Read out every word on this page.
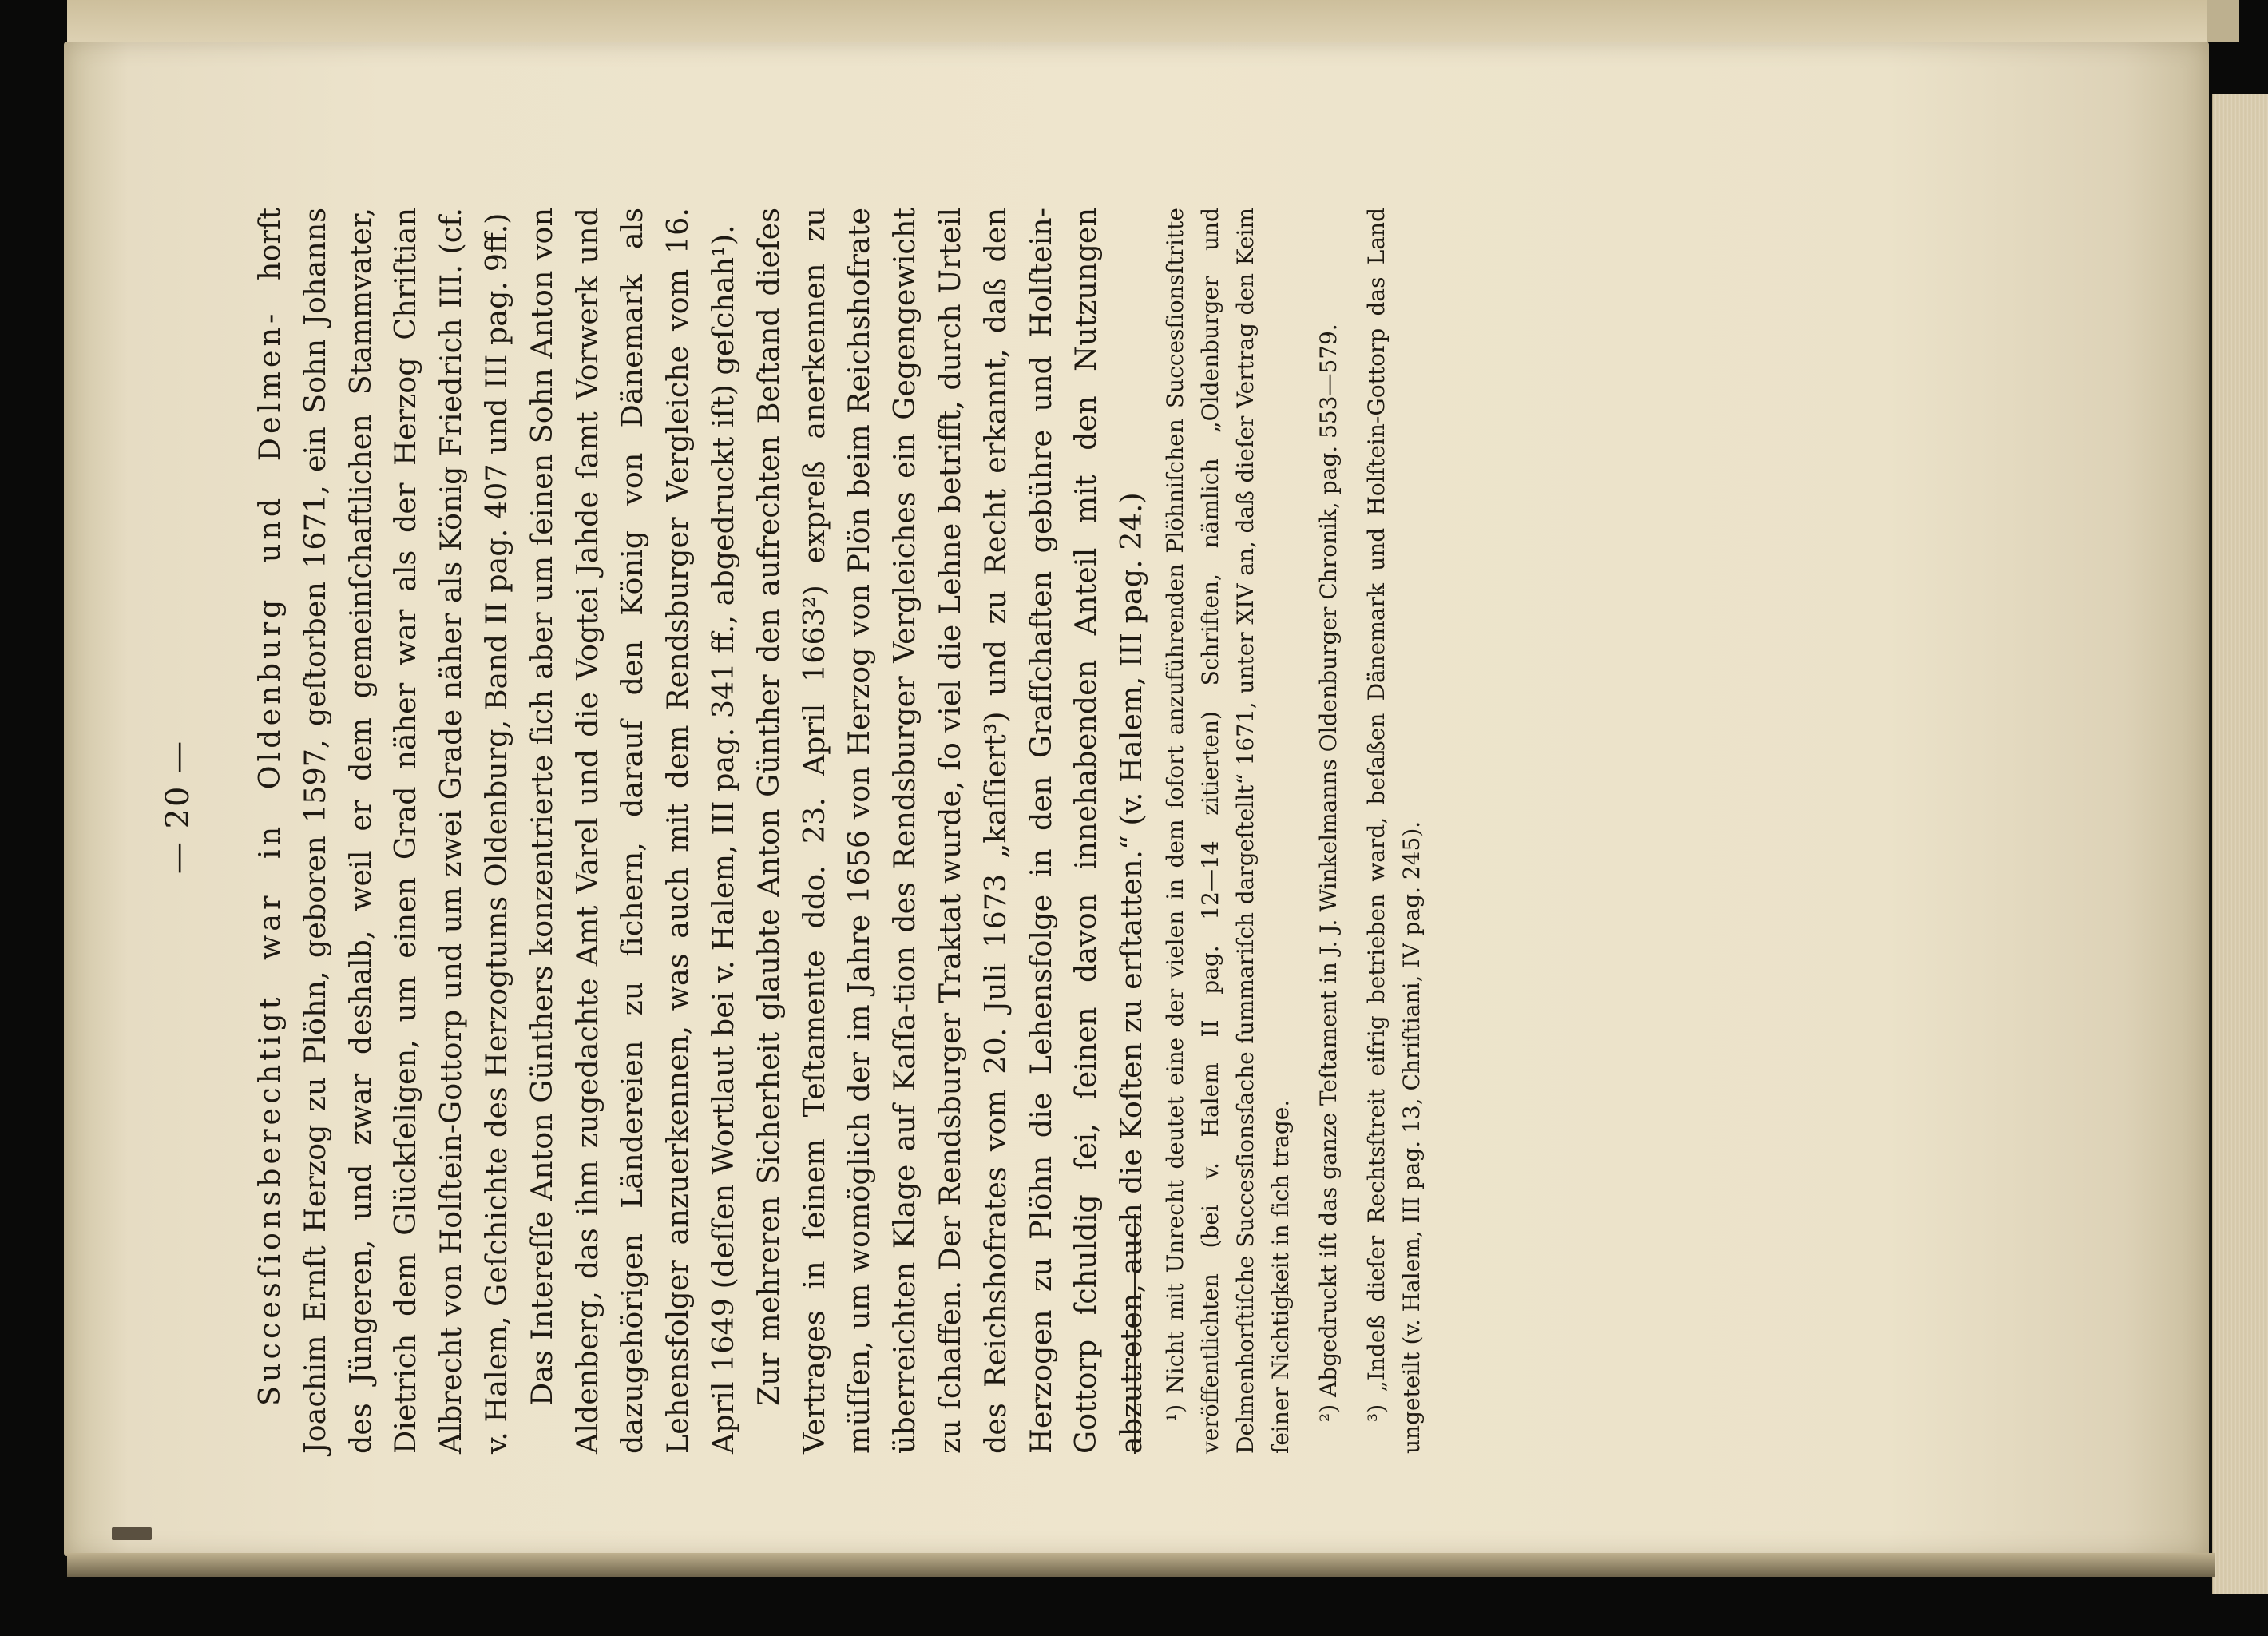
— 20 — Succesſionsberechtigt war in Oldenburg und Delmen- horſt Joachim Ernſt Herzog zu Plöhn, geboren 1597, geſtorben 1671, ein Sohn Johanns des Jüngeren, und zwar deshalb, weil er dem gemeinſchaftlichen Stammvater, Dietrich dem Glückſeligen, um einen Grad näher war als der Herzog Chriſtian Albrecht von Holſtein-Gottorp und um zwei Grade näher als König Friedrich III. (cf. v. Halem, Geſchichte des Herzogtums Oldenburg, Band II pag. 407 und III pag. 9ff.) Das Intereſſe Anton Günthers konzentrierte ſich aber um ſeinen Sohn Anton von Aldenberg, das ihm zugedachte Amt Varel und die Vogtei Jahde ſamt Vorwerk und dazugehörigen Ländereien zu ſichern, darauf den König von Dänemark als Lehensfolger anzuerkennen, was auch mit dem Rendsburger Vergleiche vom 16. April 1649 (deſſen Wortlaut bei v. Halem, III pag. 341 ff., abgedruckt iſt) geſchah¹). Zur mehreren Sicherheit glaubte Anton Günther den aufrechten Beſtand dieſes Vertrages in ſeinem Teſtamente ddo. 23. April 1663²) expreß anerkennen zu müſſen, um womöglich der im Jahre 1656 von Herzog von Plön beim Reichshofrate überreichten Klage auf Kaſſa-tion des Rendsburger Vergleiches ein Gegengewicht zu ſchaffen. Der Rendsburger Traktat wurde, ſo viel die Lehne betrifft, durch Urteil des Reichshofrates vom 20. Juli 1673 „kaſſiert³) und zu Recht erkannt, daß den Herzogen zu Plöhn die Lehensfolge in den Grafſchaften gebühre und Holſtein-Gottorp ſchuldig ſei, ſeinen davon innehabenden Anteil mit den Nutzungen abzutreten, auch die Koſten zu erſtatten.“ (v. Halem, III pag. 24.) ¹) Nicht mit Unrecht deutet eine der vielen in dem ſofort anzuführenden Plöhniſchen Succesſionsſtritte veröffentlichten (bei v. Halem II pag. 12—14 zitierten) Schriften, nämlich „Oldenburger und Delmenhorſtiſche Succesſionsſache ſummariſch dargeſtellt“ 1671, unter XIV an, daß dieſer Vertrag den Keim ſeiner Nichtigkeit in ſich trage. ²) Abgedruckt iſt das ganze Teſtament in J. J. Winkelmanns Oldenburger Chronik, pag. 553—579. ³) „Indeß dieſer Rechtsſtreit eifrig betrieben ward, beſaßen Dänemark und Holſtein-Gottorp das Land ungeteilt (v. Halem, III pag. 13, Chriſtiani, IV pag. 245).
